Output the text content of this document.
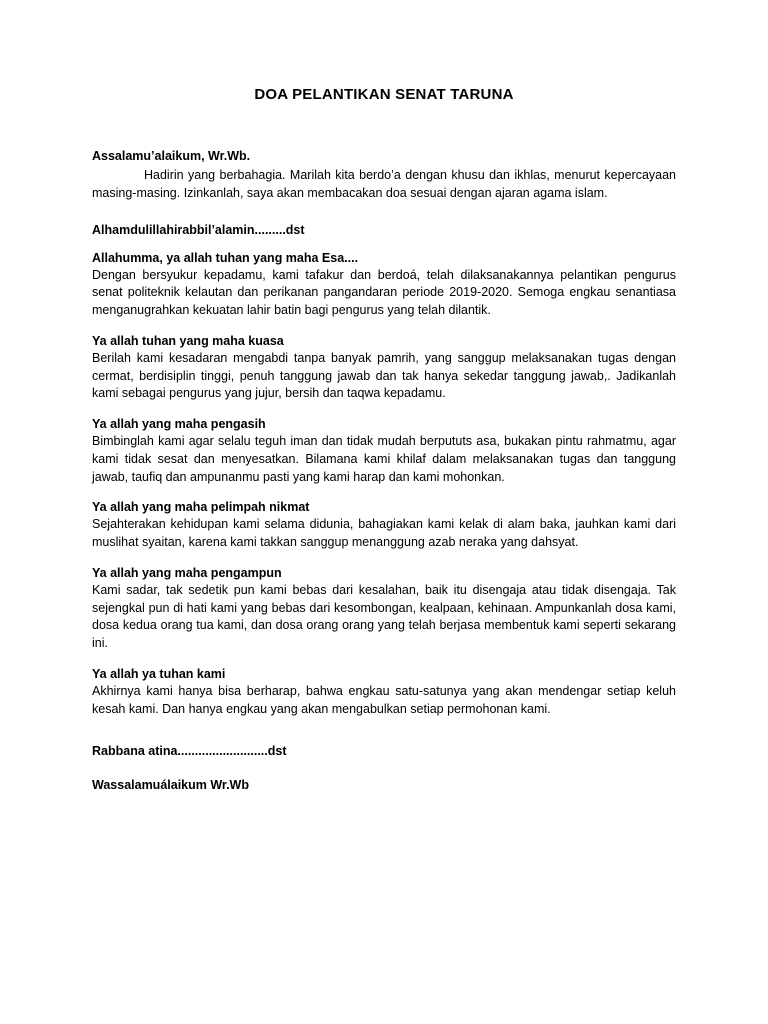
DOA PELANTIKAN SENAT TARUNA
Assalamu’alaikum, Wr.Wb.

Hadirin yang berbahagia. Marilah kita berdo’a dengan khusu dan ikhlas, menurut kepercayaan masing-masing. Izinkanlah, saya akan membacakan doa sesuai dengan ajaran agama islam.

Alhamdulillahirabbil’alamin.........dst
Allahumma, ya allah tuhan yang maha Esa....

Dengan bersyukur kepadamu, kami tafakur dan berdoá, telah dilaksanakannya pelantikan pengurus senat politeknik kelautan dan perikanan pangandaran periode 2019-2020. Semoga engkau senantiasa menganugrahkan kekuatan lahir batin bagi pengurus yang telah dilantik.

Ya allah tuhan yang maha kuasa

Berilah kami kesadaran mengabdi tanpa banyak pamrih, yang sanggup melaksanakan tugas dengan cermat, berdisiplin tinggi, penuh tanggung jawab dan tak hanya sekedar tanggung jawab,. Jadikanlah kami sebagai pengurus yang jujur, bersih dan taqwa kepadamu.

Ya allah yang maha pengasih

Bimbinglah kami agar selalu teguh iman dan tidak mudah berpututs asa, bukakan pintu rahmatmu, agar kami tidak sesat dan menyesatkan. Bilamana kami khilaf dalam melaksanakan tugas dan tanggung jawab, taufiq dan ampunanmu pasti yang kami harap dan kami mohonkan.

Ya allah yang maha pelimpah nikmat

Sejahterakan kehidupan kami selama didunia, bahagiakan kami kelak di alam baka, jauhkan kami dari muslihat syaitan, karena kami takkan sanggup menanggung azab neraka yang dahsyat.

Ya allah yang maha pengampun

Kami sadar, tak sedetik pun kami bebas dari kesalahan, baik itu disengaja atau tidak disengaja. Tak sejengkal pun di hati kami yang bebas dari kesombongan, kealpaan, kehinaan. Ampunkanlah dosa kami, dosa kedua orang tua kami, dan dosa orang orang yang telah berjasa membentuk kami seperti sekarang ini.

Ya allah ya tuhan kami

Akhirnya kami hanya bisa berharap, bahwa engkau satu-satunya yang akan mendengar setiap keluh kesah kami. Dan hanya engkau yang akan mengabulkan setiap permohonan kami.

Rabbana atina..........................dst
Wassalamuálaikum Wr.Wb
